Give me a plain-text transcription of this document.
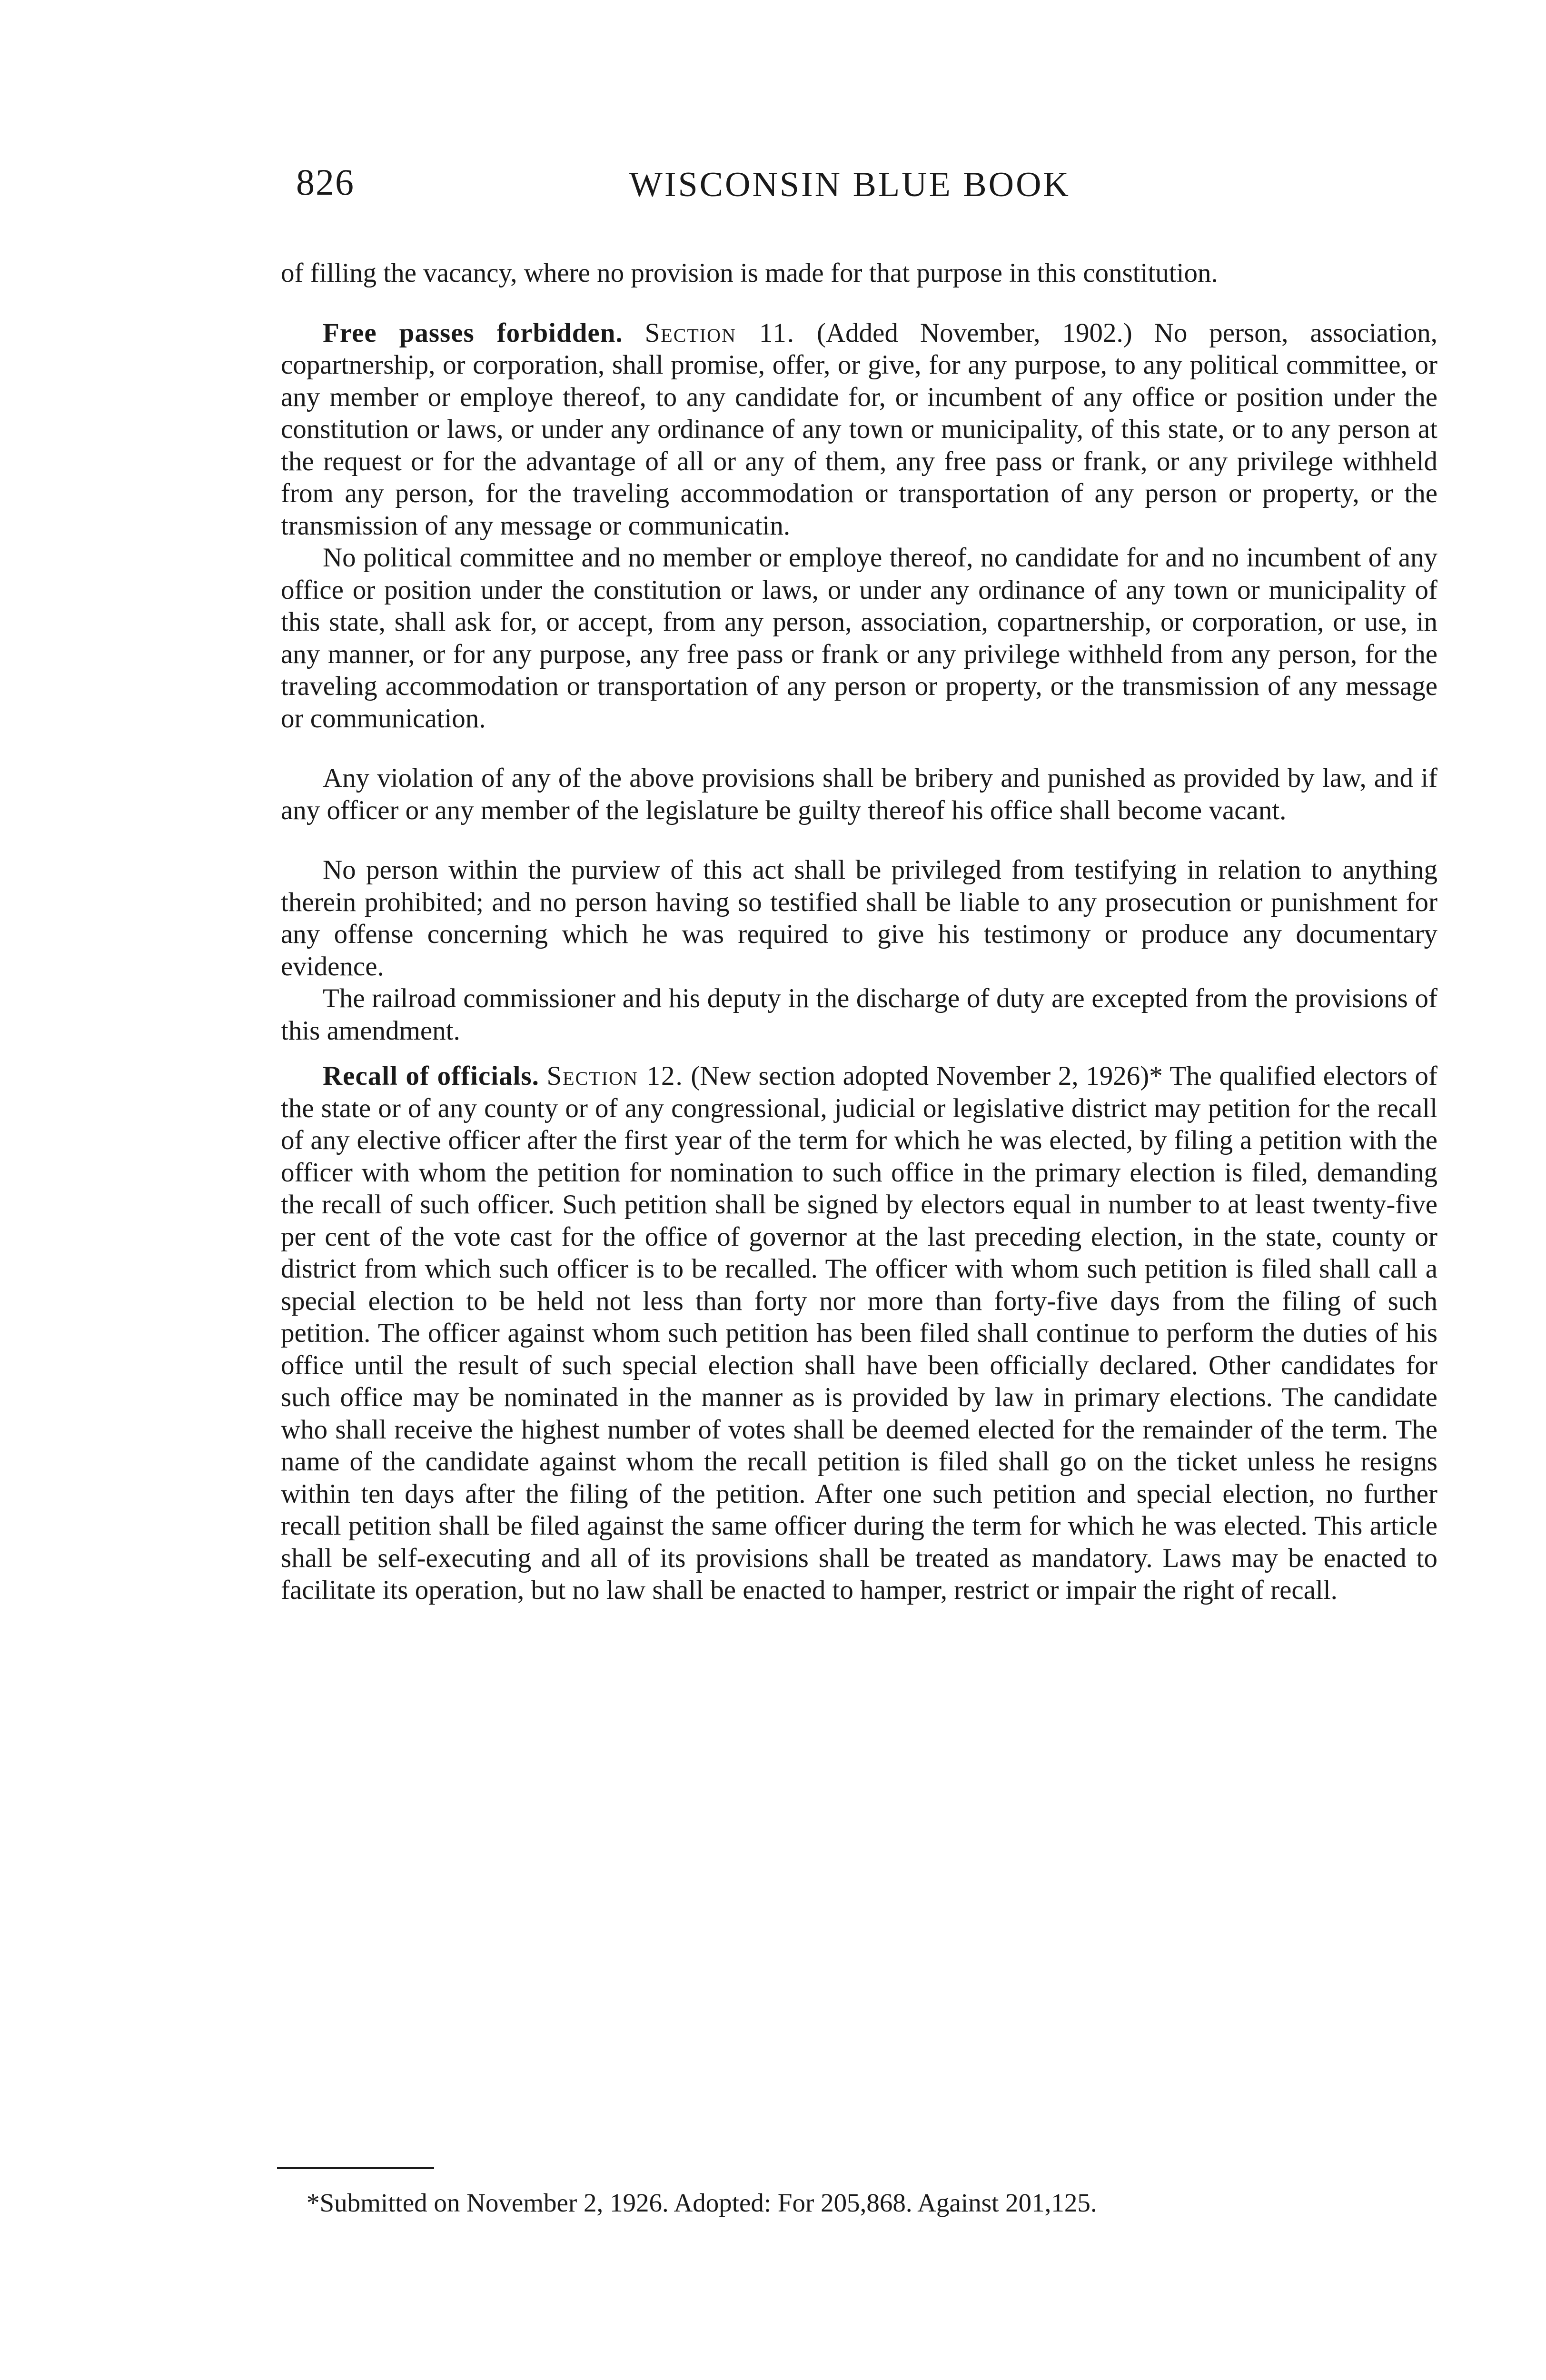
826	WISCONSIN BLUE BOOK

of filling the vacancy, where no provision is made for that purpose in this constitution.

Free passes forbidden. Section 11. (Added November, 1902.) No person, association, copartnership, or corporation, shall promise, offer, or give, for any purpose, to any political committee, or any member or employe thereof, to any candidate for, or incumbent of any office or position under the constitution or laws, or under any ordinance of any town or municipality, of this state, or to any person at the request or for the advantage of all or any of them, any free pass or frank, or any privilege withheld from any person, for the traveling accommodation or transportation of any person or property, or the transmission of any message or communicatin.

No political committee and no member or employe thereof, no candidate for and no incumbent of any office or position under the constitution or laws, or under any ordinance of any town or municipality of this state, shall ask for, or accept, from any person, association, copartnership, or corporation, or use, in any manner, or for any purpose, any free pass or frank or any privilege withheld from any person, for the traveling accommodation or transportation of any person or property, or the transmission of any message or communication.

Any violation of any of the above provisions shall be bribery and punished as provided by law, and if any officer or any member of the legislature be guilty thereof his office shall become vacant.

No person within the purview of this act shall be privileged from testifying in relation to anything therein prohibited; and no person having so testified shall be liable to any prosecution or punishment for any offense concerning which he was required to give his testimony or produce any documentary evidence.

The railroad commissioner and his deputy in the discharge of duty are excepted from the provisions of this amendment.

Recall of officials. Section 12. (New section adopted November 2, 1926)* The qualified electors of the state or of any county or of any congressional, judicial or legislative district may petition for the recall of any elective officer after the first year of the term for which he was elected, by filing a petition with the officer with whom the petition for nomination to such office in the primary election is filed, demanding the recall of such officer. Such petition shall be signed by electors equal in number to at least twenty-five per cent of the vote cast for the office of governor at the last preceding election, in the state, county or district from which such officer is to be recalled. The officer with whom such petition is filed shall call a special election to be held not less than forty nor more than forty-five days from the filing of such petition. The officer against whom such petition has been filed shall continue to perform the duties of his office until the result of such special election shall have been officially declared. Other candidates for such office may be nominated in the manner as is provided by law in primary elections. The candidate who shall receive the highest number of votes shall be deemed elected for the remainder of the term. The name of the candidate against whom the recall petition is filed shall go on the ticket unless he resigns within ten days after the filing of the petition. After one such petition and special election, no further recall petition shall be filed against the same officer during the term for which he was elected. This article shall be self-executing and all of its provisions shall be treated as mandatory. Laws may be enacted to facilitate its operation, but no law shall be enacted to hamper, restrict or impair the right of recall.

*Submitted on November 2, 1926. Adopted: For 205,868. Against 201,125.
